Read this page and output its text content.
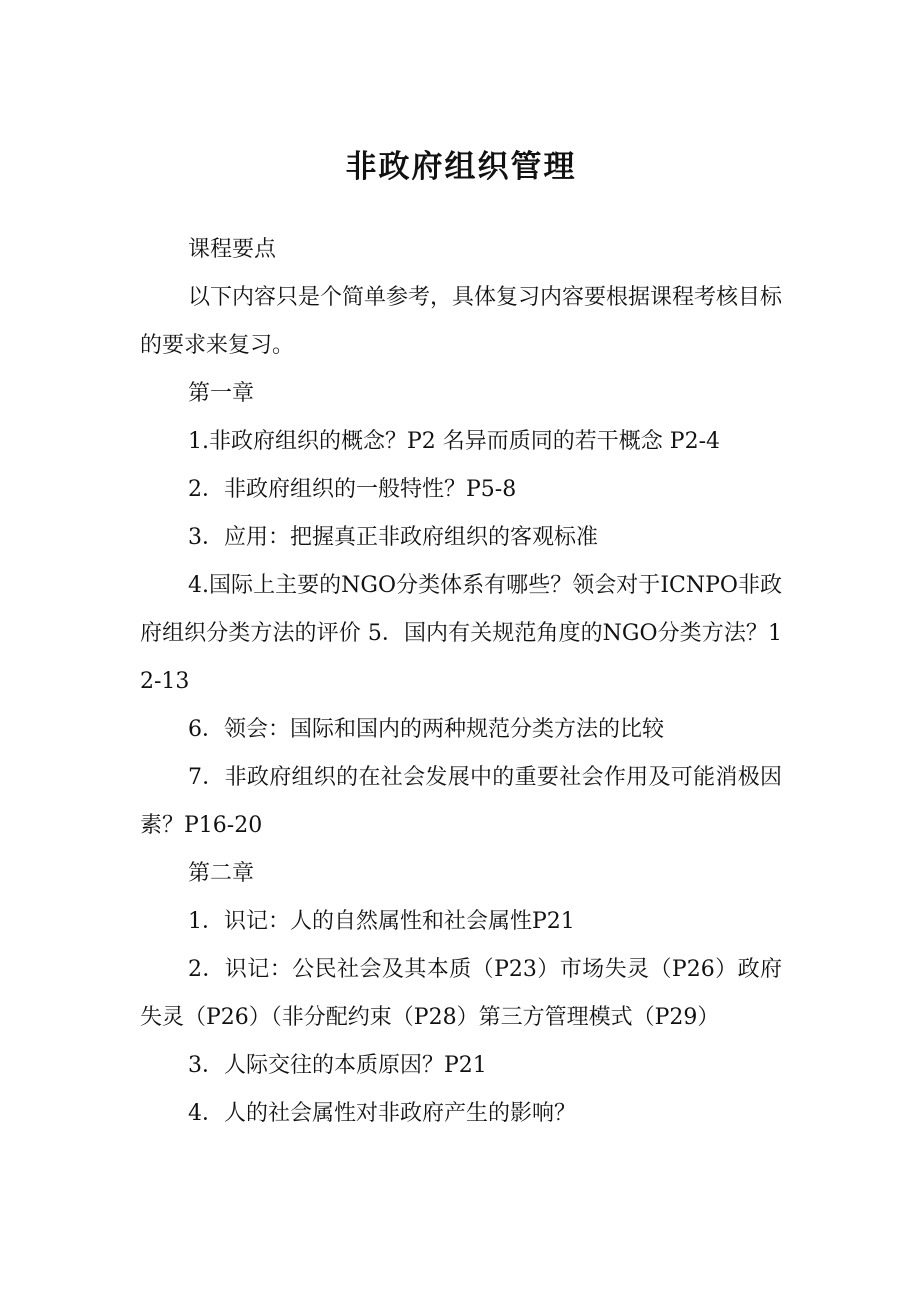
非政府组织管理

课程要点

以下内容只是个简单参考，具体复习内容要根据课程考核目标的要求来复习。

第一章

1.非政府组织的概念？P2 名异而质同的若干概念 P2-4

2．非政府组织的一般特性？P5-8

3．应用：把握真正非政府组织的客观标准

4.国际上主要的NGO分类体系有哪些？领会对于ICNPO非政府组织分类方法的评价 5．国内有关规范角度的NGO分类方法？12-13

6．领会：国际和国内的两种规范分类方法的比较

7．非政府组织的在社会发展中的重要社会作用及可能消极因素？P16-20

第二章

1．识记：人的自然属性和社会属性P21

2．识记：公民社会及其本质（P23）市场失灵（P26）政府失灵（P26）（非分配约束（P28）第三方管理模式（P29）

3．人际交往的本质原因？P21

4．人的社会属性对非政府产生的影响？
